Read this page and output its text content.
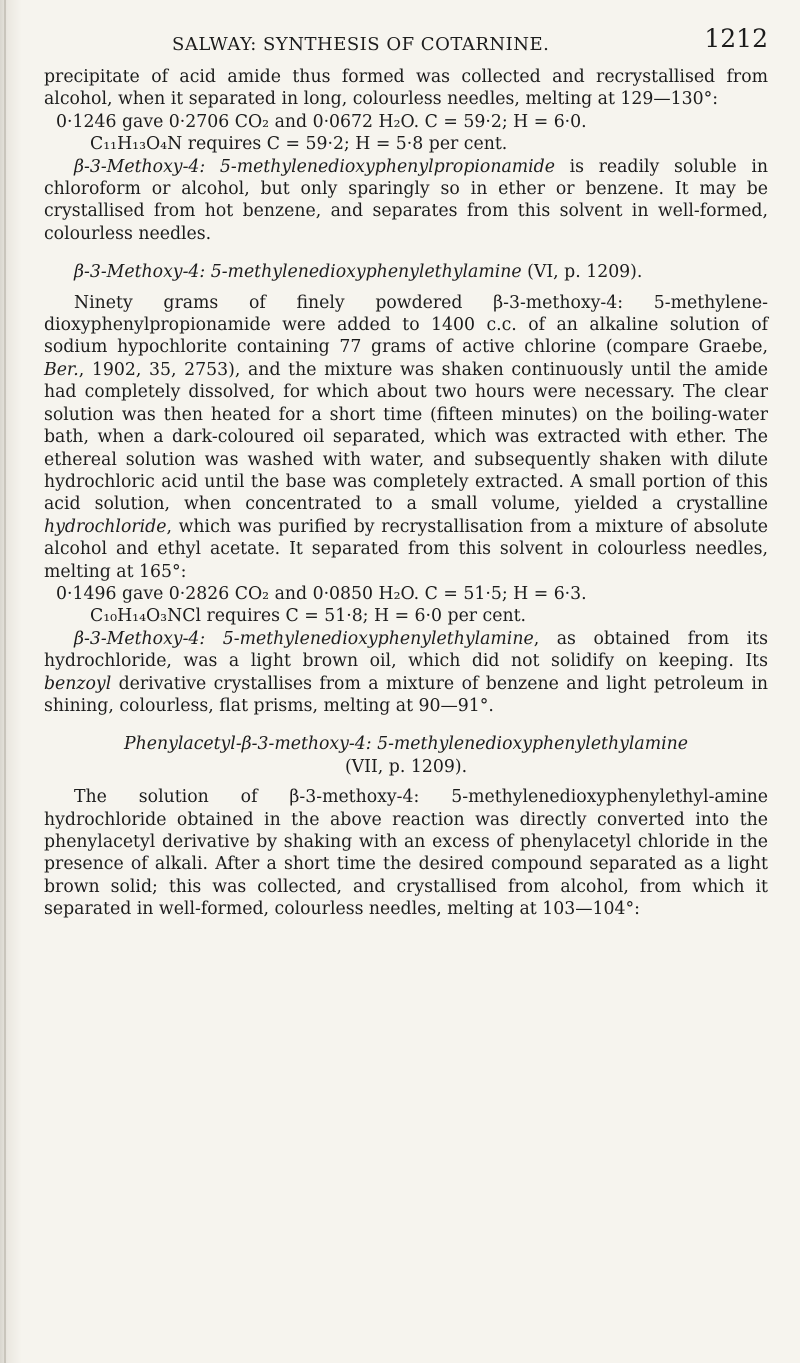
SALWAY: SYNTHESIS OF COTARNINE.	1212

precipitate of acid amide thus formed was collected and recrystallised from alcohol, when it separated in long, colourless needles, melting at 129—130°:

0·1246 gave 0·2706 CO₂ and 0·0672 H₂O. C = 59·2; H = 6·0.
C₁₁H₁₃O₄N requires C = 59·2; H = 5·8 per cent.

β-3-Methoxy-4: 5-methylenedioxyphenylpropionamide is readily soluble in chloroform or alcohol, but only sparingly so in ether or benzene. It may be crystallised from hot benzene, and separates from this solvent in well-formed, colourless needles.

β-3-Methoxy-4: 5-methylenedioxyphenylethylamine (VI, p. 1209).

Ninety grams of finely powdered β-3-methoxy-4: 5-methylene-dioxyphenylpropionamide were added to 1400 c.c. of an alkaline solution of sodium hypochlorite containing 77 grams of active chlorine (compare Graebe, Ber., 1902, 35, 2753), and the mixture was shaken continuously until the amide had completely dissolved, for which about two hours were necessary. The clear solution was then heated for a short time (fifteen minutes) on the boiling-water bath, when a dark-coloured oil separated, which was extracted with ether. The ethereal solution was washed with water, and subsequently shaken with dilute hydrochloric acid until the base was completely extracted. A small portion of this acid solution, when concentrated to a small volume, yielded a crystalline hydrochloride, which was purified by recrystallisation from a mixture of absolute alcohol and ethyl acetate. It separated from this solvent in colourless needles, melting at 165°:

0·1496 gave 0·2826 CO₂ and 0·0850 H₂O. C = 51·5; H = 6·3.
C₁₀H₁₄O₃NCl requires C = 51·8; H = 6·0 per cent.

β-3-Methoxy-4: 5-methylenedioxyphenylethylamine, as obtained from its hydrochloride, was a light brown oil, which did not solidify on keeping. Its benzoyl derivative crystallises from a mixture of benzene and light petroleum in shining, colourless, flat prisms, melting at 90—91°.

Phenylacetyl-β-3-methoxy-4: 5-methylenedioxyphenylethylamine
(VII, p. 1209).

The solution of β-3-methoxy-4: 5-methylenedioxyphenylethyl-amine hydrochloride obtained in the above reaction was directly converted into the phenylacetyl derivative by shaking with an excess of phenylacetyl chloride in the presence of alkali. After a short time the desired compound separated as a light brown solid; this was collected, and crystallised from alcohol, from which it separated in well-formed, colourless needles, melting at 103—104°:
